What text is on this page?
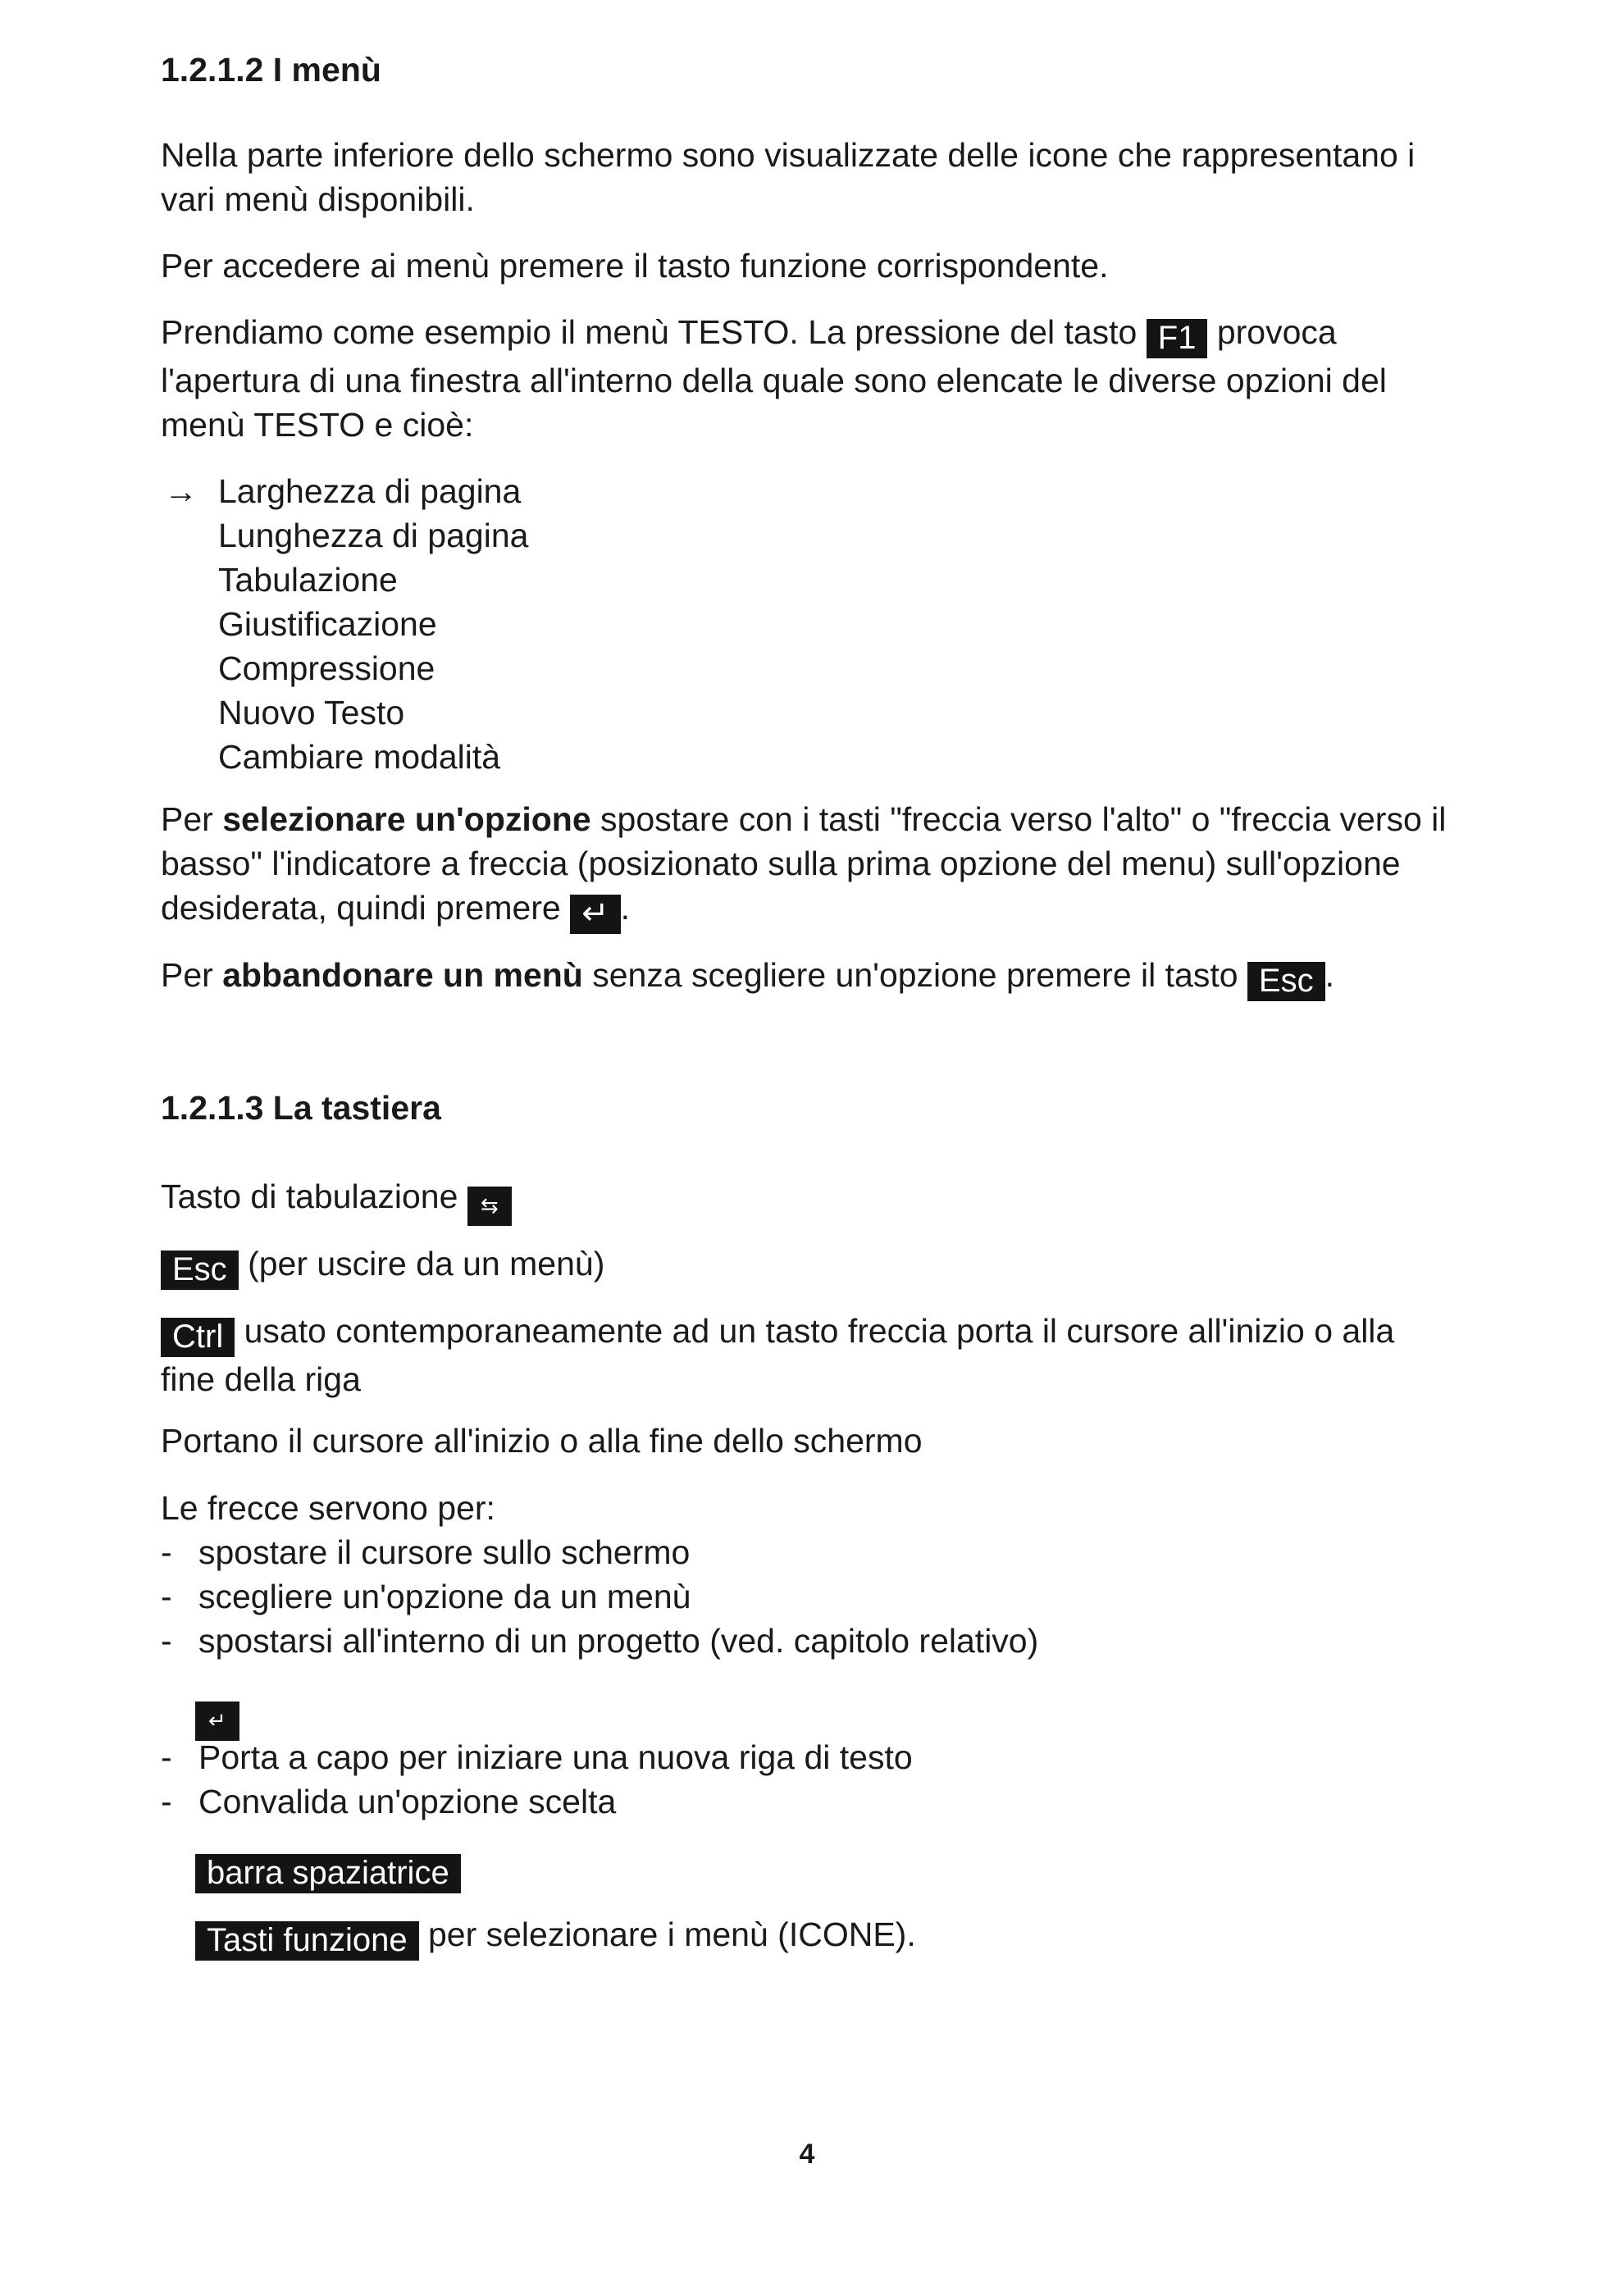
1.2.1.2 I menù
Nella parte inferiore dello schermo sono visualizzate delle icone che rappresentano i vari menù disponibili.
Per accedere ai menù premere il tasto funzione corrispondente.
Prendiamo come esempio il menù TESTO. La pressione del tasto F1 provoca l'apertura di una finestra all'interno della quale sono elencate le diverse opzioni del menù TESTO e cioè:
→ Larghezza di pagina
Lunghezza di pagina
Tabulazione
Giustificazione
Compressione
Nuovo Testo
Cambiare modalità
Per selezionare un'opzione spostare con i tasti "freccia verso l'alto" o "freccia verso il basso" l'indicatore a freccia (posizionato sulla prima opzione del menu) sull'opzione desiderata, quindi premere ↵ .
Per abbandonare un menù senza scegliere un'opzione premere il tasto Esc .
1.2.1.3 La tastiera
Tasto di tabulazione ⇆
Esc (per uscire da un menù)
Ctrl usato contemporaneamente ad un tasto freccia porta il cursore all'inizio o alla fine della riga
Portano il cursore all'inizio o alla fine dello schermo
Le frecce servono per:
- spostare il cursore sullo schermo
- scegliere un'opzione da un menù
- spostarsi all'interno di un progetto (ved. capitolo relativo)
↵
- Porta a capo per iniziare una nuova riga di testo
- Convalida un'opzione scelta
barra spaziatrice
Tasti funzione per selezionare i menù (ICONE).
4
